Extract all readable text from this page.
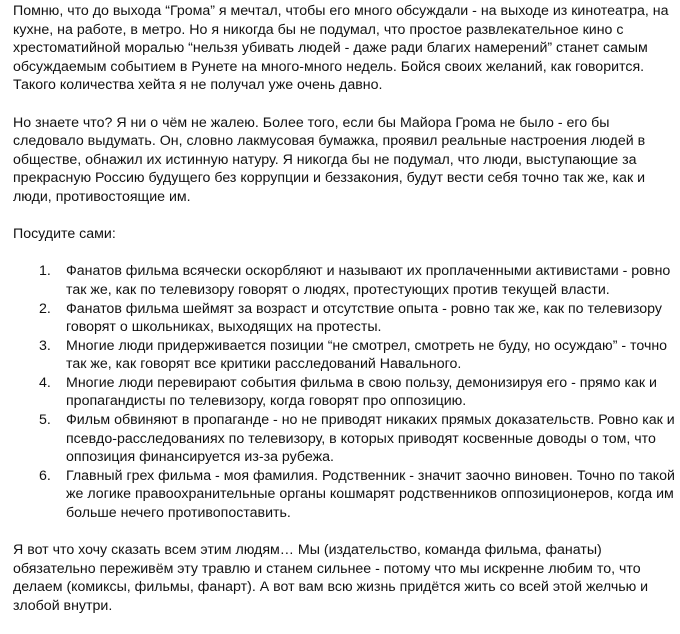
Помню, что до выхода “Грома” я мечтал, чтобы его много обсуждали - на выходе из кинотеатра, на кухне, на работе, в метро. Но я никогда бы не подумал, что простое развлекательное кино с хрестоматийной моралью “нельзя убивать людей - даже ради благих намерений” станет самым обсуждаемым событием в Рунете на много-много недель. Бойся своих желаний, как говорится. Такого количества хейта я не получал уже очень давно.

Но знаете что? Я ни о чём не жалею. Более того, если бы Майора Грома не было - его бы следовало выдумать. Он, словно лакмусовая бумажка, проявил реальные настроения людей в обществе, обнажил их истинную натуру. Я никогда бы не подумал, что люди, выступающие за прекрасную Россию будущего без коррупции и беззакония, будут вести себя точно так же, как и люди, противостоящие им.

Посудите сами:

1. Фанатов фильма всячески оскорбляют и называют их проплаченными активистами - ровно так же, как по телевизору говорят о людях, протестующих против текущей власти.
2. Фанатов фильма шеймят за возраст и отсутствие опыта - ровно так же, как по телевизору говорят о школьниках, выходящих на протесты.
3. Многие люди придерживается позиции “не смотрел, смотреть не буду, но осуждаю” - точно так же, как говорят все критики расследований Навального.
4. Многие люди перевирают события фильма в свою пользу, демонизируя его - прямо как и пропагандисты по телевизору, когда говорят про оппозицию.
5. Фильм обвиняют в пропаганде - но не приводят никаких прямых доказательств. Ровно как и псевдо-расследованиях по телевизору, в которых приводят косвенные доводы о том, что оппозиция финансируется из-за рубежа.
6. Главный грех фильма - моя фамилия. Родственник - значит заочно виновен. Точно по такой же логике правоохранительные органы кошмарят родственников оппозиционеров, когда им больше нечего противопоставить.

Я вот что хочу сказать всем этим людям… Мы (издательство, команда фильма, фанаты) обязательно переживём эту травлю и станем сильнее - потому что мы искренне любим то, что делаем (комиксы, фильмы, фанарт). А вот вам всю жизнь придётся жить со всей этой желчью и злобой внутри.
